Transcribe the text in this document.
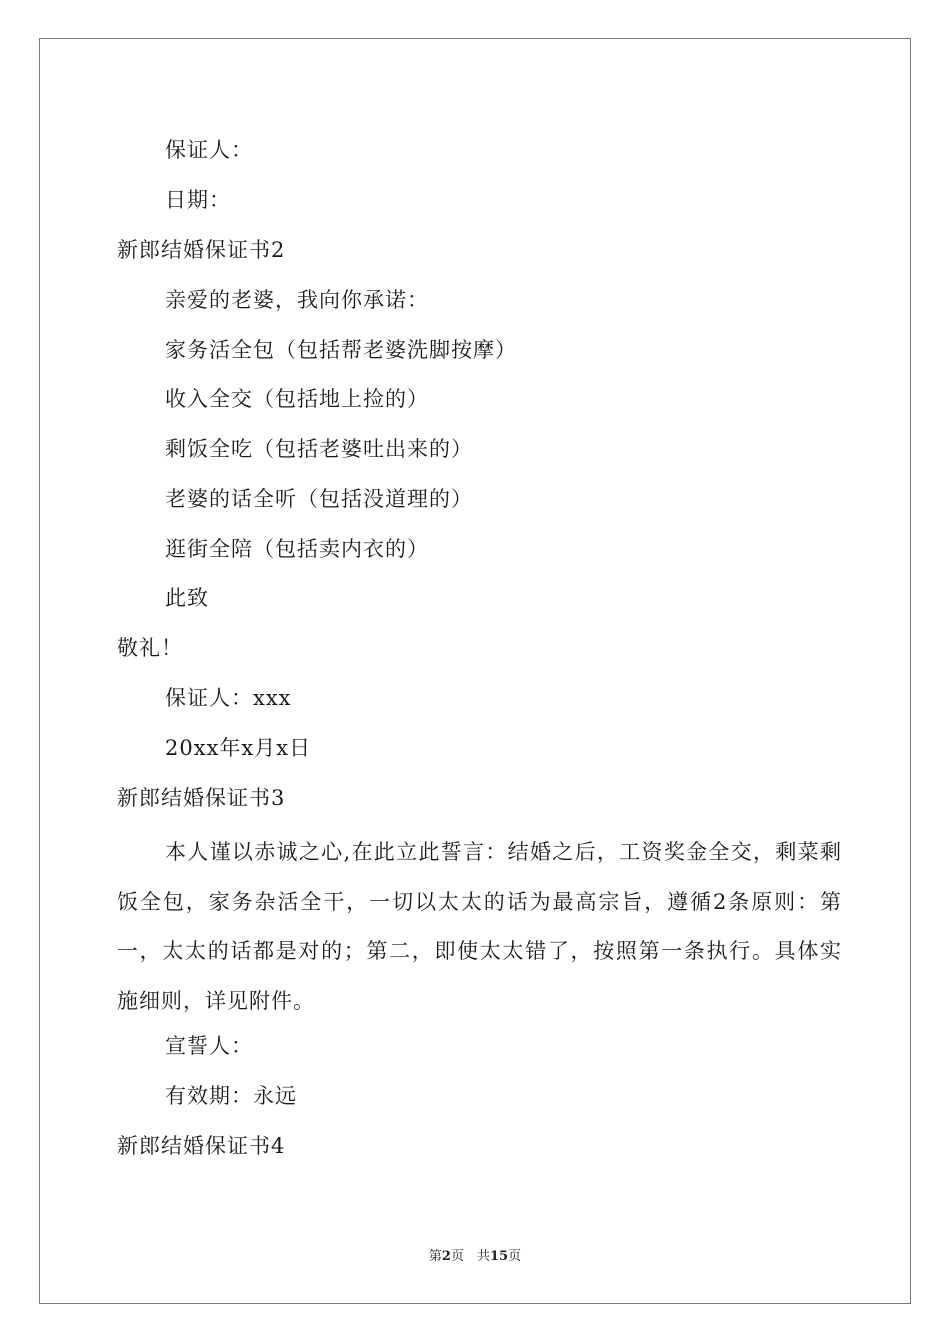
保证人：
日期：
新郎结婚保证书2
亲爱的老婆，我向你承诺：
家务活全包（包括帮老婆洗脚按摩）
收入全交（包括地上捡的）
剩饭全吃（包括老婆吐出来的）
老婆的话全听（包括没道理的）
逛街全陪（包括卖内衣的）
此致
敬礼！
保证人：xxx
20xx年x月x日
新郎结婚保证书3
本人谨以赤诚之心,在此立此誓言：结婚之后，工资奖金全交，剩菜剩饭全包，家务杂活全干，一切以太太的话为最高宗旨，遵循2条原则：第一，太太的话都是对的；第二，即使太太错了，按照第一条执行。具体实施细则，详见附件。
宣誓人：
有效期：永远
新郎结婚保证书4
第2页　共15页
